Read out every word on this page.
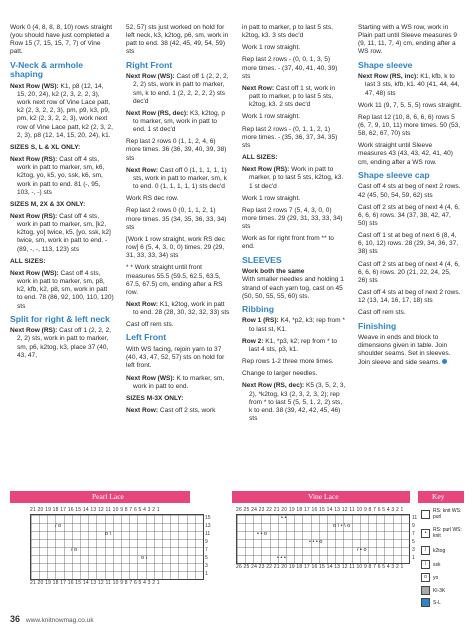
Work 0 (4, 8, 8, 8, 10) rows straight (you should have just completed a Row 15 (7, 15, 15, 7, 7) of Vine patt.

V-Neck & armhole shaping

Next Row (WS): K1, p8 (12, 14, 15, 20, 24), k2 (2, 3, 2, 2, 3), work next row of Vine Lace patt, k2 (2, 3, 2, 2, 3), pm, p9, k3, p9, pm, k2 (2, 3, 2, 2, 3), work next row of Vine Lace patt, k2 (2, 3, 2, 2, 3), p8 (12, 14, 15, 20, 24), k1.

SIZES S, L & XL ONLY:

Next Row (RS): Cast off 4 sts, work in patt to marker, sm, k6, k2tog, yo, k5, yo, ssk, k6, sm, work in patt to end. 81 (-, 95, 103, -, -) sts

SIZES M, 2X & 3X ONLY:

Next Row (RS): Cast off 4 sts, work in patt to marker, sm, [k2, k2tog, yo] twice, k5, [yo, ssk, k2] twice, sm, work in patt to end. - (89, -, -, 113, 123) sts

ALL SIZES:

Next Row (WS): Cast off 4 sts, work in patt to marker, sm, p8, k2, kfb, k2, p8, sm, work in patt to end. 78 (86, 92, 100, 110, 120) sts

Split for right & left neck

Next Row (RS): Cast off 1 (2, 2, 2, 2, 2) sts, work in patt to marker, sm, p6, k2tog, k3, place 37 (40, 43, 47,

52, 57) sts just worked on hold for left neck, k3, k2tog, p6, sm, work in patt to end. 38 (42, 45, 49, 54, 59) sts

Right Front

Next Row (WS): Cast off 1 (2, 2, 2, 2, 2) sts, work in patt to marker, sm, k to end. 1 (2, 2, 2, 2, 2) sts dec'd

Next Row (RS, dec): K3, k2tog, p to marker, sm, work in patt to end. 1 st dec'd

Rep last 2 rows 0 (1, 1, 2, 4, 6) more times. 36 (36, 39, 40, 39, 38) sts

Next Row: Cast off 0 (1, 1, 1, 1, 1) sts, work in patt to marker, sm, k to end. 0 (1, 1, 1, 1, 1) sts dec'd

Work RS dec row.

Rep last 2 rows 0 (0, 1, 1, 2, 1) more times. 35 (34, 35, 36, 33, 34) sts

[Work 1 row straight, work RS dec row] 6 (5, 4, 3, 0, 0) times. 29 (29, 31, 33, 33, 34) sts

* * Work straight until front measures 55.5 (59.5, 62.5, 63.5, 67.5, 67.5) cm, ending after a RS row.

Next Row: K1, k2tog, work in patt to end. 28 (28, 30, 32, 32, 33) sts

Cast off rem sts.

Left Front

With WS facing, rejoin yarn to 37 (40, 43, 47, 52, 57) sts on hold for left front.

Next Row (WS): K to marker, sm, work in patt to end.

SIZES M-3X ONLY:

Next Row: Cast off 2 sts, work

in patt to marker, p to last 5 sts, k2tog, k3. 3 sts dec'd

Work 1 row straight.

Rep last 2 rows - (0, 0, 1, 3, 5) more times. - (37, 40, 41, 40, 39) sts

Next Row: Cast off 1 st, work in patt to marker, p to last 5 sts, k2tog, k3. 2 sts dec'd

Work 1 row straight.

Rep last 2 rows - (0, 1, 1, 2, 1) more times. - (35, 36, 37, 34, 35) sts

ALL SIZES:

Next Row (RS): Work in patt to marker, p to last 5 sts, k2tog, k3. 1 st dec'd

Work 1 row straight.

Rep last 2 rows 7 (5, 4, 3, 0, 0) more times. 29 (29, 31, 33, 33, 34) sts

Work as for right front from ** to end.

SLEEVES

Work both the same

With smaller needles and holding 1 strand of each yarn tog, cast on 45 (50, 50, 55, 55, 60) sts.

Ribbing

Row 1 (RS): K4, *p2, k3; rep from * to last st, K1.

Row 2: K1, *p3, k2; rep from * to last 4 sts, p3, k1.

Rep rows 1-2 three more times.

Change to larger needles.

Next Row (RS, dec): K5 (3, 5, 2, 3, 2), *k2tog, k3 (2, 3, 2, 3, 2); rep from * to last 5 (5, 5, 1, 2, 2) sts, k to end. 38 (39, 42, 42, 45, 46) sts

Starting with a WS row, work in Plain patt until Sleeve measures 9 (9, 11, 11, 7, 4) cm, ending after a WS row.

Shape sleeve

Next Row (RS, inc): K1, kfb, k to last 3 sts, kfb, k1. 40 (41, 44, 44, 47, 48) sts

Work 11 (9, 7, 5, 5, 5) rows straight.

Rep last 12 (10, 8, 6, 6, 6) rows 5 (6, 7, 9, 10, 11) more times. 50 (53, 58, 62, 67, 70) sts

Work straight until Sleeve measures 43 (43, 43, 42, 41, 40) cm, ending after a WS row.

Shape sleeve cap

Cast off 4 sts at beg of next 2 rows. 42 (45, 50, 54, 59, 62) sts

Cast off 2 sts at beg of next 4 (4, 6, 6, 6, 6) rows. 34 (37, 38, 42, 47, 50) sts

Cast off 1 st at beg of next 6 (8, 4, 6, 10, 12) rows. 28 (29, 34, 36, 37, 38) sts

Cast off 2 sts at beg of next 4 (4, 6, 6, 6, 6) rows. 20 (21, 22, 24, 25, 26) sts

Cast off 4 sts at beg of next 2 rows. 12 (13, 14, 16, 17, 18) sts

Cast off rem sts.

Finishing

Weave in ends and block to dimensions given in table. Join shoulder seams. Set in sleeves. Join sleeve and side seams.

Pearl Lace
21 20 19 18 17 16 15 14 13 12 11 10 9 8 7 6 5 4 3 2 1
/ o
o \
/ o
o \
15
13
11
9
7
5
3
1
21 20 19 18 17 16 15 14 13 12 11 10 9 8 7 6 5 4 3 2 1
Vine Lace
26 25 24 23 22 21 20 19 18 17 16 15 14 13 12 11 10 9 8 7 6 5 4 3 2 1
• •
o \ • \ o
• • o
• • • o
/ • o
• • •
11
9
7
5
3
1
26 25 24 23 22 21 20 19 18 17 16 15 14 13 12 11 10 9 8 7 6 5 4 3 2 1
Key
RS: knit WS: purl
•	RS: purl WS: knit
/	k2tog
\	ssk
o	yo
Kl-3K
S-L
36 www.knitnowmag.co.uk
